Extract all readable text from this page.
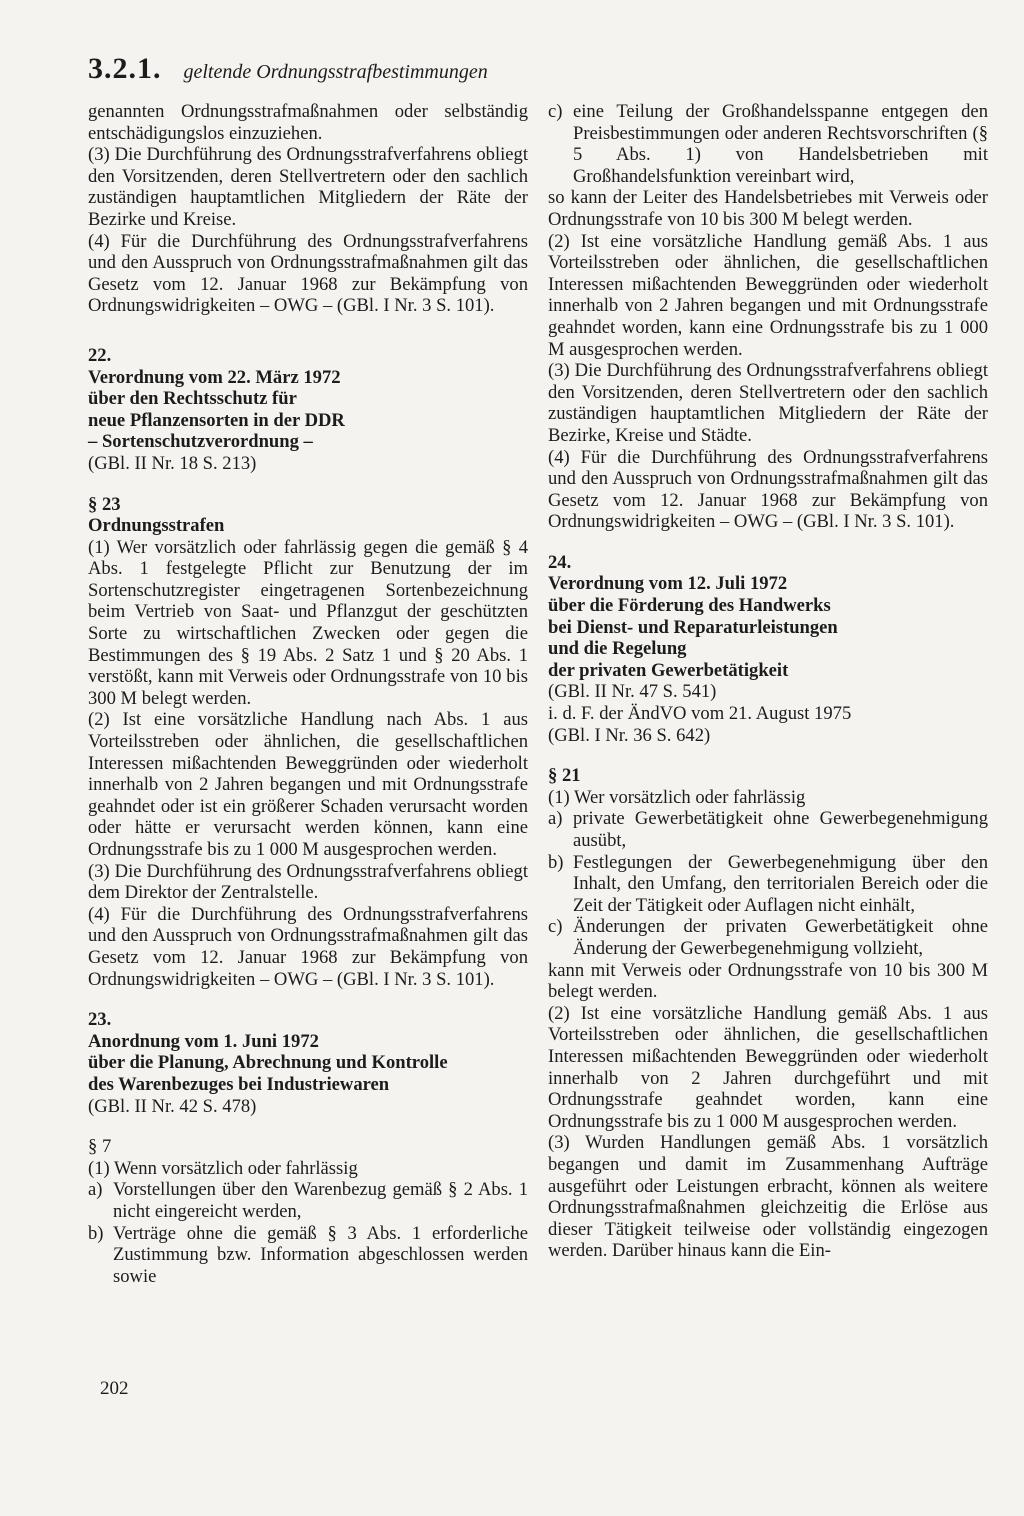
3.2.1. geltende Ordnungsstrafbestimmungen

genannten Ordnungsstrafmaßnahmen oder selbständig entschädigungslos einzuziehen.

(3) Die Durchführung des Ordnungsstrafverfahrens obliegt den Vorsitzenden, deren Stellvertretern oder den sachlich zuständigen hauptamtlichen Mitgliedern der Räte der Bezirke und Kreise.

(4) Für die Durchführung des Ordnungsstrafverfahrens und den Ausspruch von Ordnungsstrafmaßnahmen gilt das Gesetz vom 12. Januar 1968 zur Bekämpfung von Ordnungswidrigkeiten – OWG – (GBl. I Nr. 3 S. 101).

22.

Verordnung vom 22. März 1972

über den Rechtsschutz für

neue Pflanzensorten in der DDR

– Sortenschutzverordnung –

(GBl. II Nr. 18 S. 213)

§ 23

Ordnungsstrafen

(1) Wer vorsätzlich oder fahrlässig gegen die gemäß § 4 Abs. 1 festgelegte Pflicht zur Benutzung der im Sortenschutzregister eingetragenen Sortenbezeichnung beim Vertrieb von Saat- und Pflanzgut der geschützten Sorte zu wirtschaftlichen Zwecken oder gegen die Bestimmungen des § 19 Abs. 2 Satz 1 und § 20 Abs. 1 verstößt, kann mit Verweis oder Ordnungsstrafe von 10 bis 300 M belegt werden.

(2) Ist eine vorsätzliche Handlung nach Abs. 1 aus Vorteilsstreben oder ähnlichen, die gesellschaftlichen Interessen mißachtenden Beweggründen oder wiederholt innerhalb von 2 Jahren begangen und mit Ordnungsstrafe geahndet oder ist ein größerer Schaden verursacht worden oder hätte er verursacht werden können, kann eine Ordnungsstrafe bis zu 1 000 M ausgesprochen werden.

(3) Die Durchführung des Ordnungsstrafverfahrens obliegt dem Direktor der Zentralstelle.

(4) Für die Durchführung des Ordnungsstrafverfahrens und den Ausspruch von Ordnungsstrafmaßnahmen gilt das Gesetz vom 12. Januar 1968 zur Bekämpfung von Ordnungswidrigkeiten – OWG – (GBl. I Nr. 3 S. 101).

23.

Anordnung vom 1. Juni 1972

über die Planung, Abrechnung und Kontrolle

des Warenbezuges bei Industriewaren

(GBl. II Nr. 42 S. 478)

§ 7

(1) Wenn vorsätzlich oder fahrlässig

a) Vorstellungen über den Warenbezug gemäß § 2 Abs. 1 nicht eingereicht werden,
b) Verträge ohne die gemäß § 3 Abs. 1 erforderliche Zustimmung bzw. Information abgeschlossen werden sowie
c) eine Teilung der Großhandelsspanne entgegen den Preisbestimmungen oder anderen Rechtsvorschriften (§ 5 Abs. 1) von Handelsbetrieben mit Großhandelsfunktion vereinbart wird,

so kann der Leiter des Handelsbetriebes mit Verweis oder Ordnungsstrafe von 10 bis 300 M belegt werden.

(2) Ist eine vorsätzliche Handlung gemäß Abs. 1 aus Vorteilsstreben oder ähnlichen, die gesellschaftlichen Interessen mißachtenden Beweggründen oder wiederholt innerhalb von 2 Jahren begangen und mit Ordnungsstrafe geahndet worden, kann eine Ordnungsstrafe bis zu 1 000 M ausgesprochen werden.

(3) Die Durchführung des Ordnungsstrafverfahrens obliegt den Vorsitzenden, deren Stellvertretern oder den sachlich zuständigen hauptamtlichen Mitgliedern der Räte der Bezirke, Kreise und Städte.

(4) Für die Durchführung des Ordnungsstrafverfahrens und den Ausspruch von Ordnungsstrafmaßnahmen gilt das Gesetz vom 12. Januar 1968 zur Bekämpfung von Ordnungswidrigkeiten – OWG – (GBl. I Nr. 3 S. 101).

24.

Verordnung vom 12. Juli 1972

über die Förderung des Handwerks

bei Dienst- und Reparaturleistungen

und die Regelung

der privaten Gewerbetätigkeit

(GBl. II Nr. 47 S. 541)

i. d. F. der ÄndVO vom 21. August 1975

(GBl. I Nr. 36 S. 642)

§ 21

(1) Wer vorsätzlich oder fahrlässig

a) private Gewerbetätigkeit ohne Gewerbegenehmigung ausübt,
b) Festlegungen der Gewerbegenehmigung über den Inhalt, den Umfang, den territorialen Bereich oder die Zeit der Tätigkeit oder Auflagen nicht einhält,
c) Änderungen der privaten Gewerbetätigkeit ohne Änderung der Gewerbegenehmigung vollzieht,

kann mit Verweis oder Ordnungsstrafe von 10 bis 300 M belegt werden.

(2) Ist eine vorsätzliche Handlung gemäß Abs. 1 aus Vorteilsstreben oder ähnlichen, die gesellschaftlichen Interessen mißachtenden Beweggründen oder wiederholt innerhalb von 2 Jahren durchgeführt und mit Ordnungsstrafe geahndet worden, kann eine Ordnungsstrafe bis zu 1 000 M ausgesprochen werden.

(3) Wurden Handlungen gemäß Abs. 1 vorsätzlich begangen und damit im Zusammenhang Aufträge ausgeführt oder Leistungen erbracht, können als weitere Ordnungsstrafmaßnahmen gleichzeitig die Erlöse aus dieser Tätigkeit teilweise oder vollständig eingezogen werden. Darüber hinaus kann die Ein-

202
